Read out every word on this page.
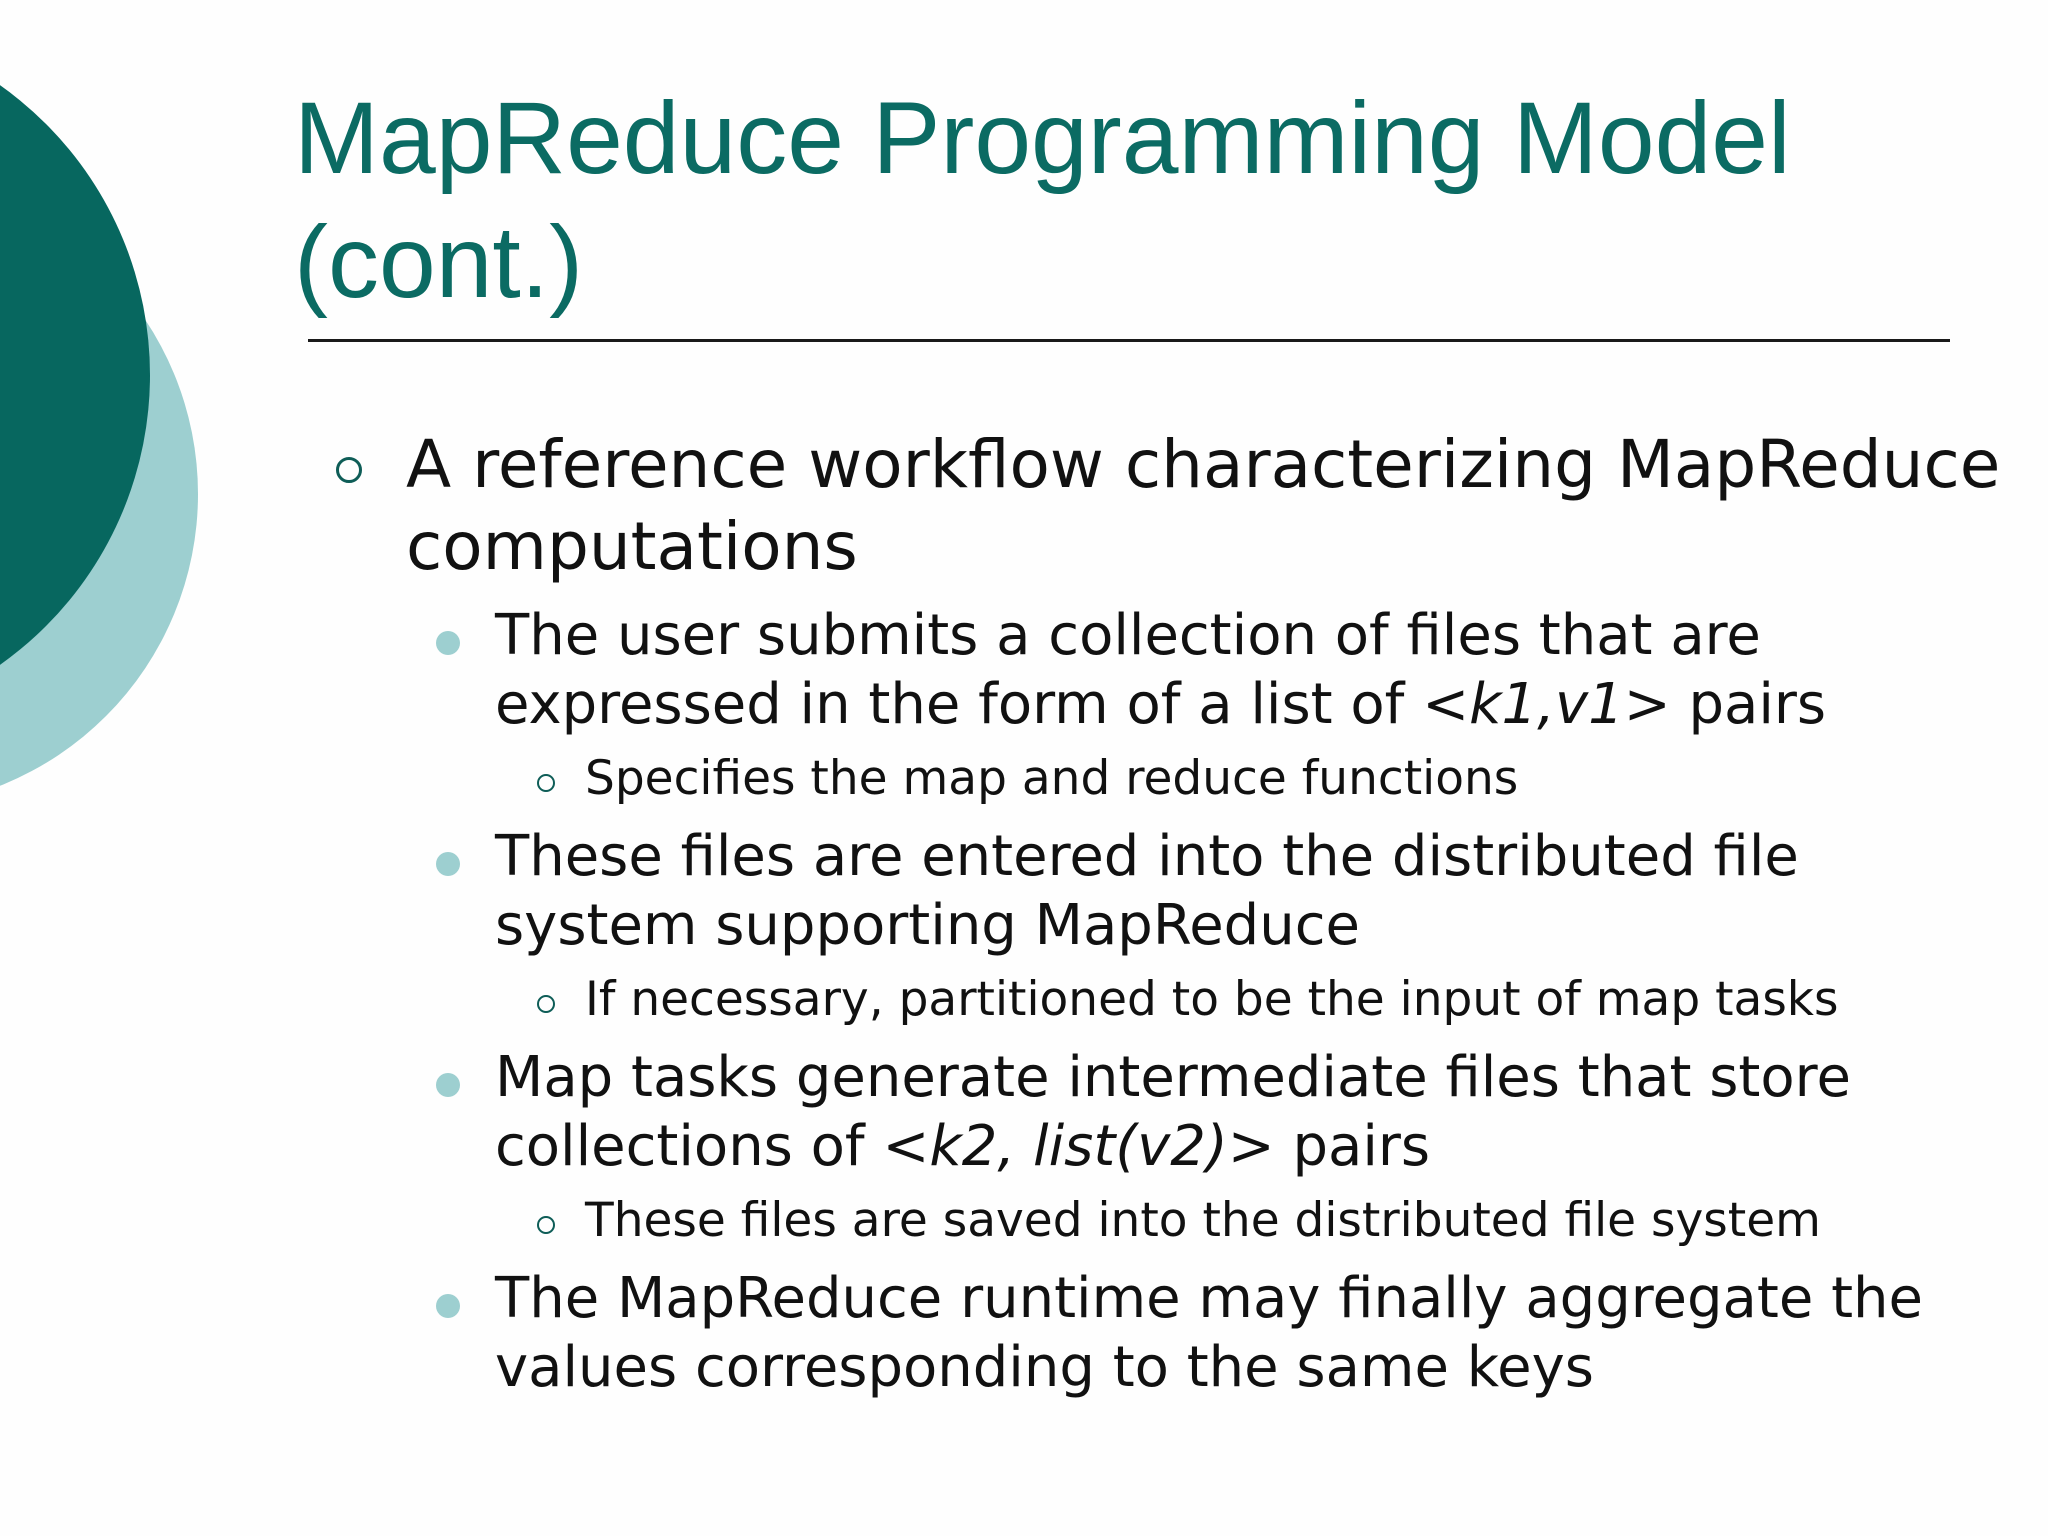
MapReduce Programming Model (cont.)

A reference workflow characterizing MapReduce computations

The user submits a collection of files that are expressed in the form of a list of <k1,v1> pairs

Specifies the map and reduce functions

These files are entered into the distributed file system supporting MapReduce

If necessary, partitioned to be the input of map tasks

Map tasks generate intermediate files that store collections of <k2, list(v2)> pairs

These files are saved into the distributed file system

The MapReduce runtime may finally aggregate the values corresponding to the same keys
